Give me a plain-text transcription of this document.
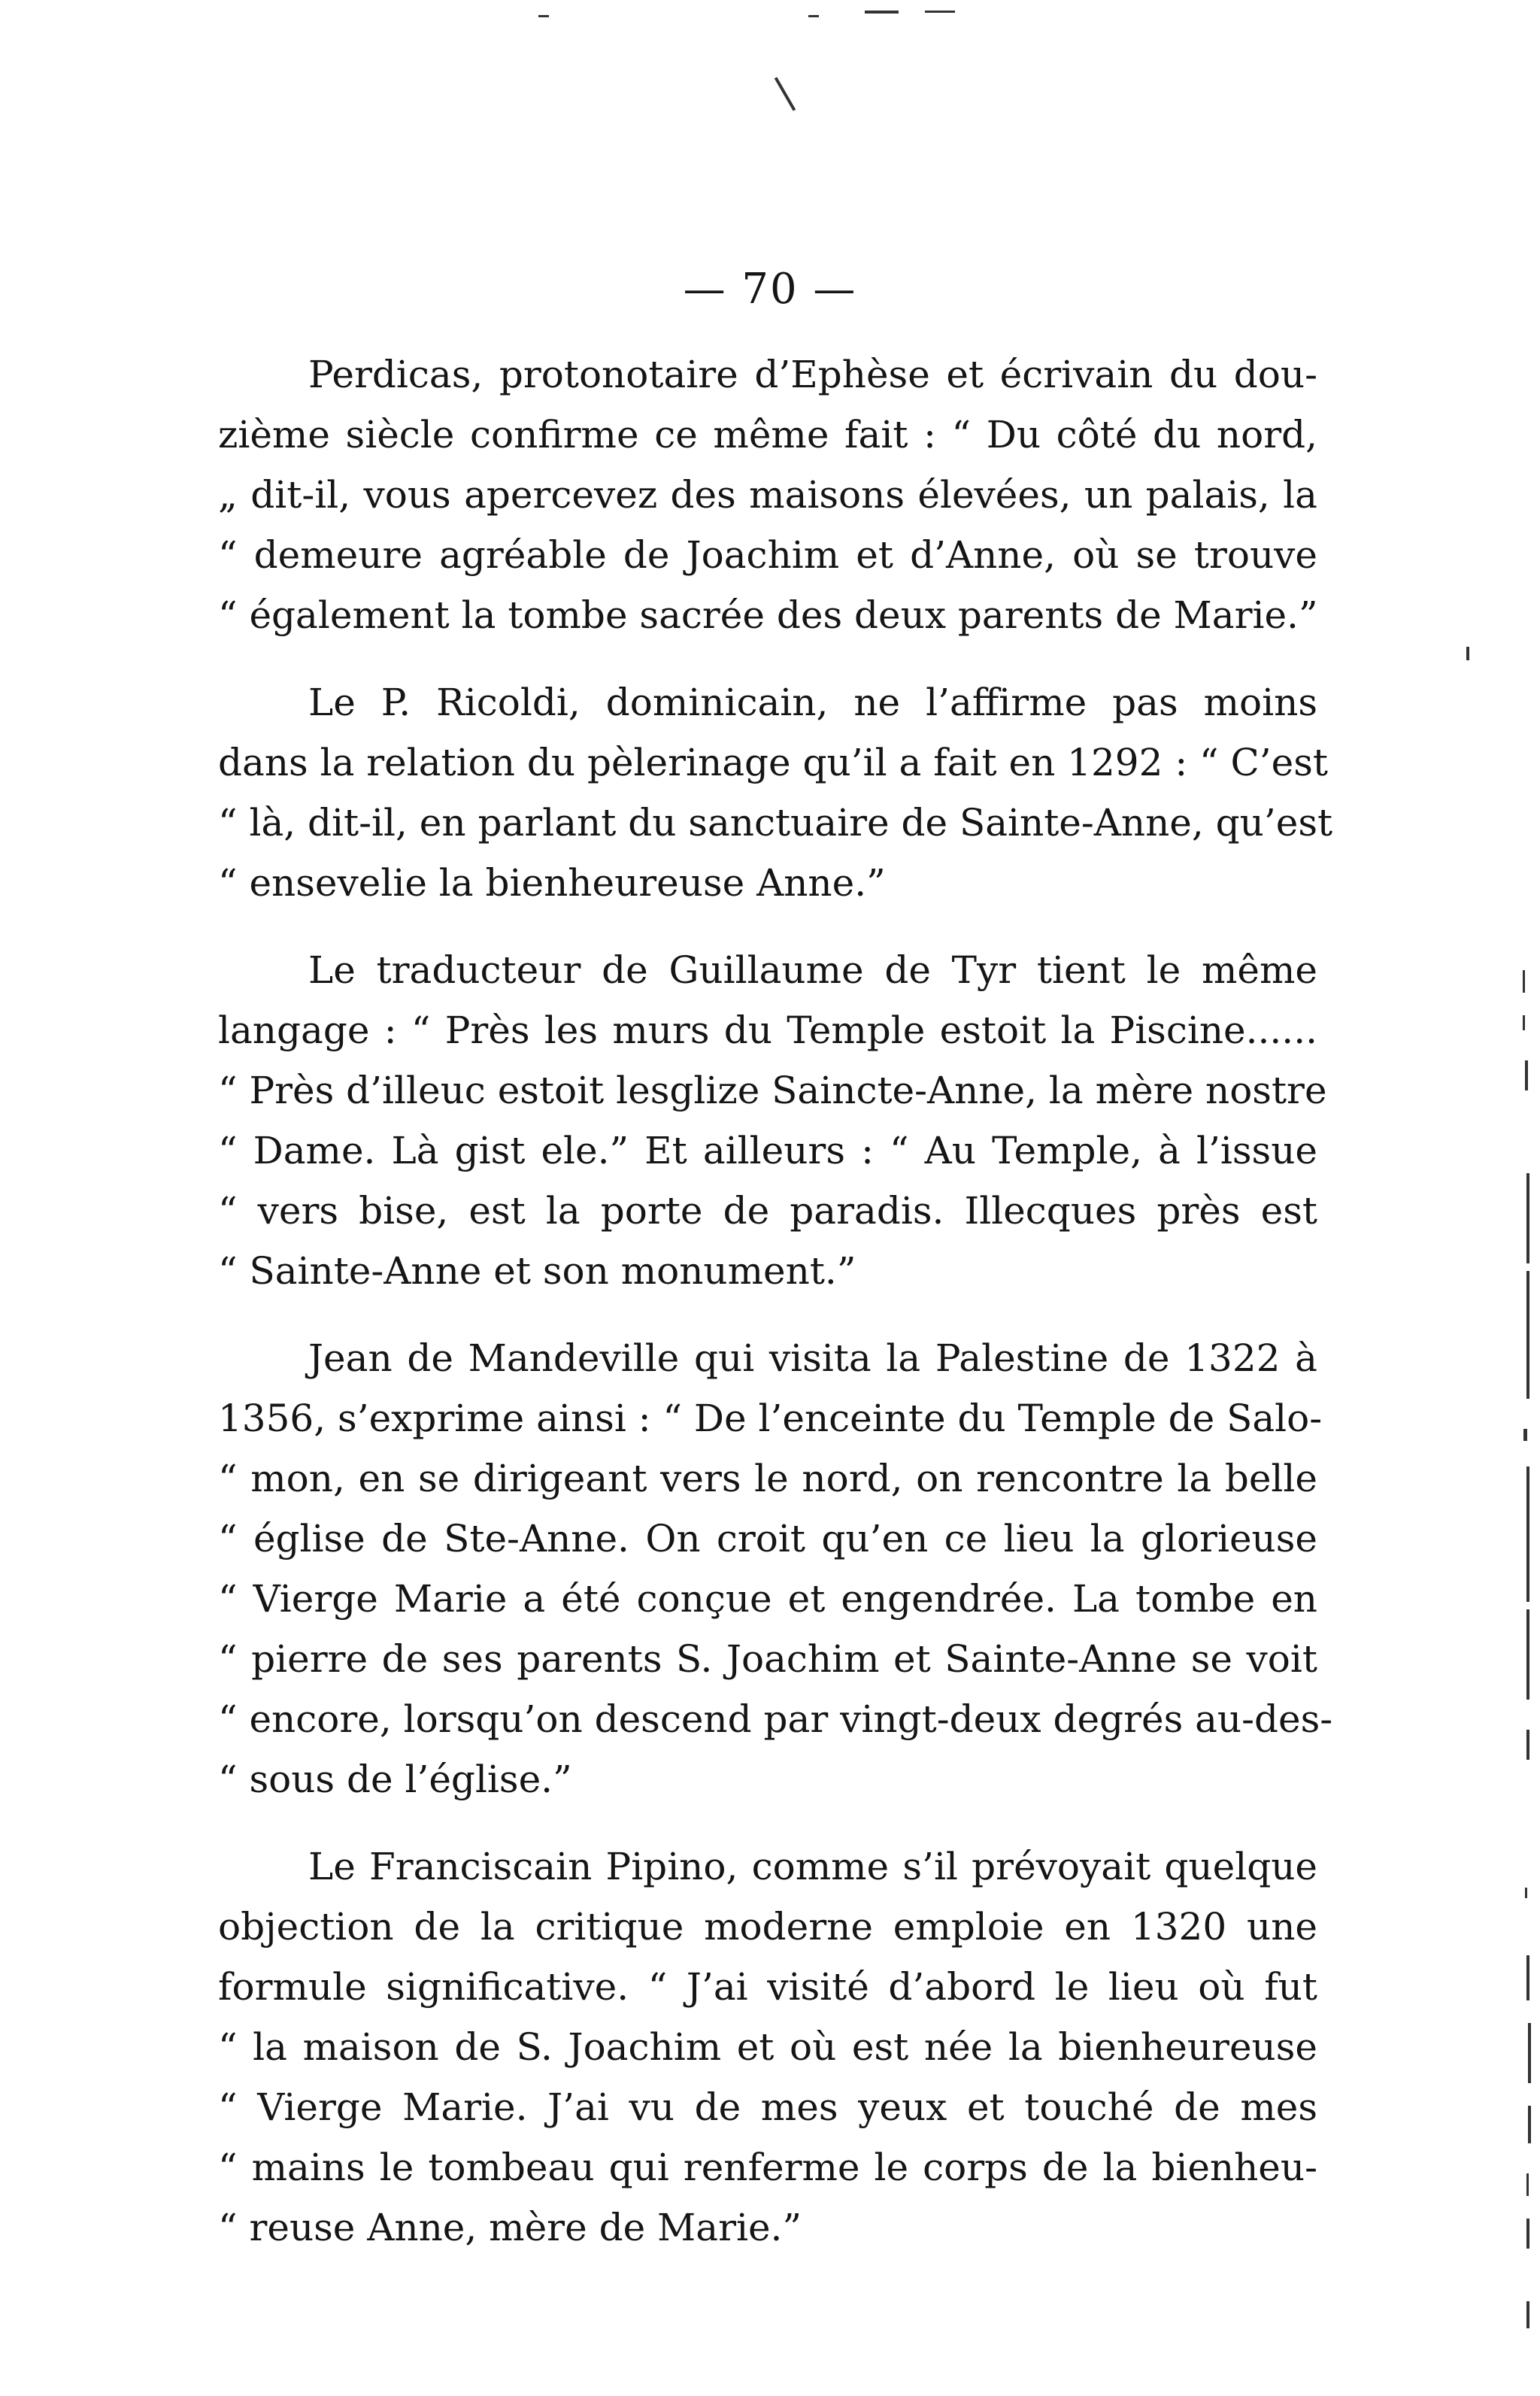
— 70 —
Perdicas, protonotaire d’Ephèse et écrivain du dou-
zième siècle confirme ce même fait : “ Du côté du nord,
„ dit-il, vous apercevez des maisons élevées, un palais, la
“ demeure agréable de Joachim et d’Anne, où se trouve
“ également la tombe sacrée des deux parents de Marie.”
Le P. Ricoldi, dominicain, ne l’affirme pas moins
dans la relation du pèlerinage qu’il a fait en 1292 : “ C’est
“ là, dit-il, en parlant du sanctuaire de Sainte-Anne, qu’est
“ ensevelie la bienheureuse Anne.”
Le traducteur de Guillaume de Tyr tient le même
langage : “ Près les murs du Temple estoit la Piscine......
“ Près d’illeuc estoit lesglize Saincte-Anne, la mère nostre
“ Dame. Là gist ele.” Et ailleurs : “ Au Temple, à l’issue
“ vers bise, est la porte de paradis. Illecques près est
“ Sainte-Anne et son monument.”
Jean de Mandeville qui visita la Palestine de 1322 à
1356, s’exprime ainsi : “ De l’enceinte du Temple de Salo-
“ mon, en se dirigeant vers le nord, on rencontre la belle
“ église de Ste-Anne. On croit qu’en ce lieu la glorieuse
“ Vierge Marie a été conçue et engendrée. La tombe en
“ pierre de ses parents S. Joachim et Sainte-Anne se voit
“ encore, lorsqu’on descend par vingt-deux degrés au-des-
“ sous de l’église.”
Le Franciscain Pipino, comme s’il prévoyait quelque
objection de la critique moderne emploie en 1320 une
formule significative. “ J’ai visité d’abord le lieu où fut
“ la maison de S. Joachim et où est née la bienheureuse
“ Vierge Marie. J’ai vu de mes yeux et touché de mes
“ mains le tombeau qui renferme le corps de la bienheu-
“ reuse Anne, mère de Marie.”
